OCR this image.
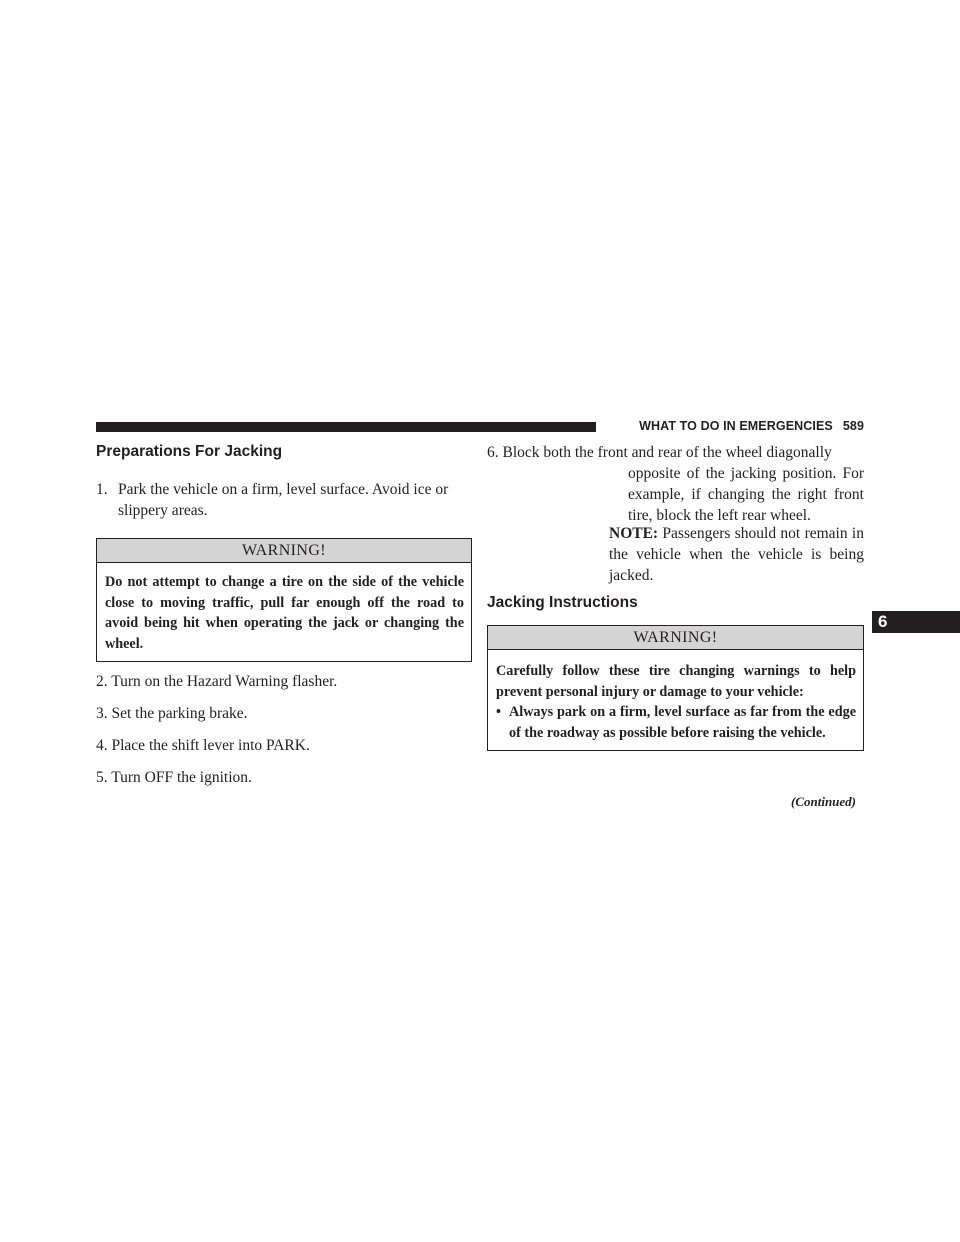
WHAT TO DO IN EMERGENCIES 589
6
Preparations For Jacking
1. Park the vehicle on a firm, level surface. Avoid ice or slippery areas.
WARNING!
Do not attempt to change a tire on the side of the vehicle close to moving traffic, pull far enough off the road to avoid being hit when operating the jack or changing the wheel.
2. Turn on the Hazard Warning flasher.
3. Set the parking brake.
4. Place the shift lever into PARK.
5. Turn OFF the ignition.
6. Block both the front and rear of the wheel diagonally
opposite of the jacking position. For example, if changing the right front tire, block the left rear wheel.
NOTE: Passengers should not remain in the vehicle when the vehicle is being jacked.
Jacking Instructions
WARNING!
Carefully follow these tire changing warnings to help prevent personal injury or damage to your vehicle:
• Always park on a firm, level surface as far from the edge of the roadway as possible before raising the vehicle.
(Continued)
